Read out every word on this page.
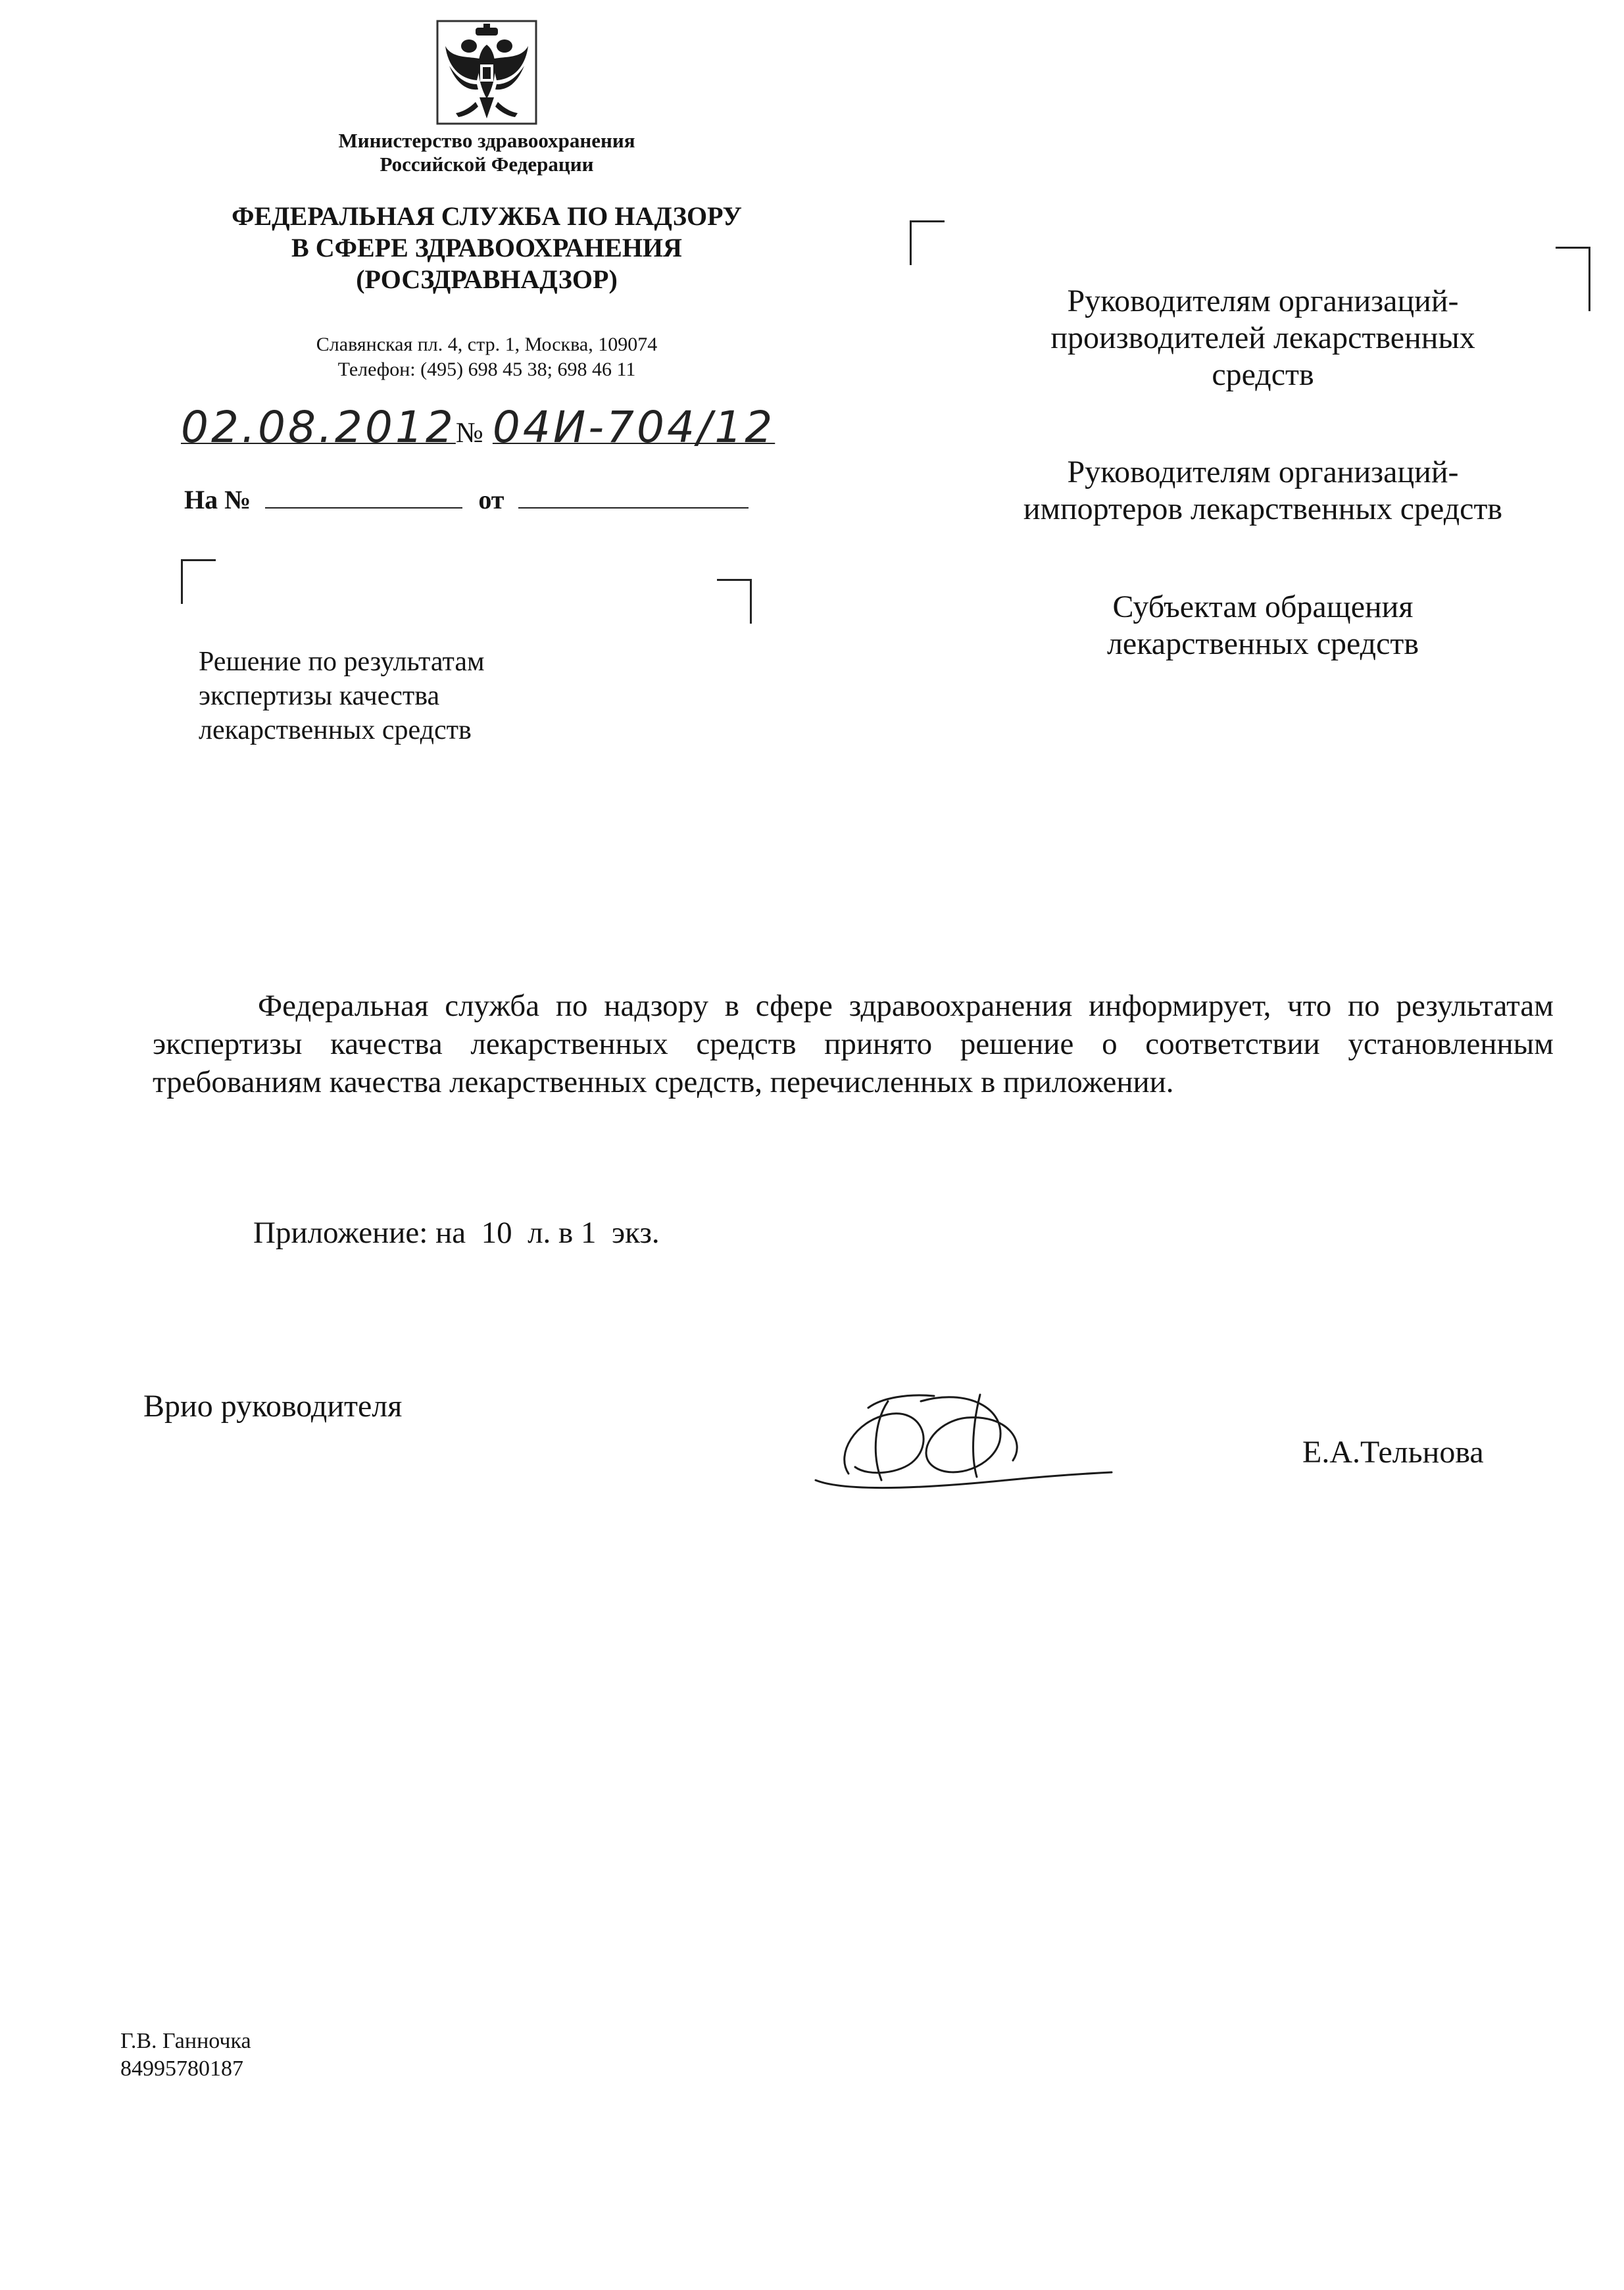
Министерство здравоохранения
Российской Федерации
ФЕДЕРАЛЬНАЯ СЛУЖБА ПО НАДЗОРУ
В СФЕРЕ ЗДРАВООХРАНЕНИЯ
(РОСЗДРАВНАДЗОР)
Славянская пл. 4, стр. 1, Москва, 109074
Телефон: (495) 698 45 38; 698 46 11
02.08.2012№ 04И-704/12
На №	от
Руководителям организаций-
производителей лекарственных
средств
Руководителям организаций-
импортеров лекарственных средств
Субъектам обращения
лекарственных средств
Решение по результатам
экспертизы качества
лекарственных средств
Федеральная служба по надзору в сфере здравоохранения информирует, что по результатам экспертизы качества лекарственных средств принято решение о соответствии установленным требованиям качества лекарственных средств, перечисленных в приложении.
Приложение: на  10  л. в 1  экз.
Врио руководителя
Е.А.Тельнова
Г.В. Ганночка
84995780187
